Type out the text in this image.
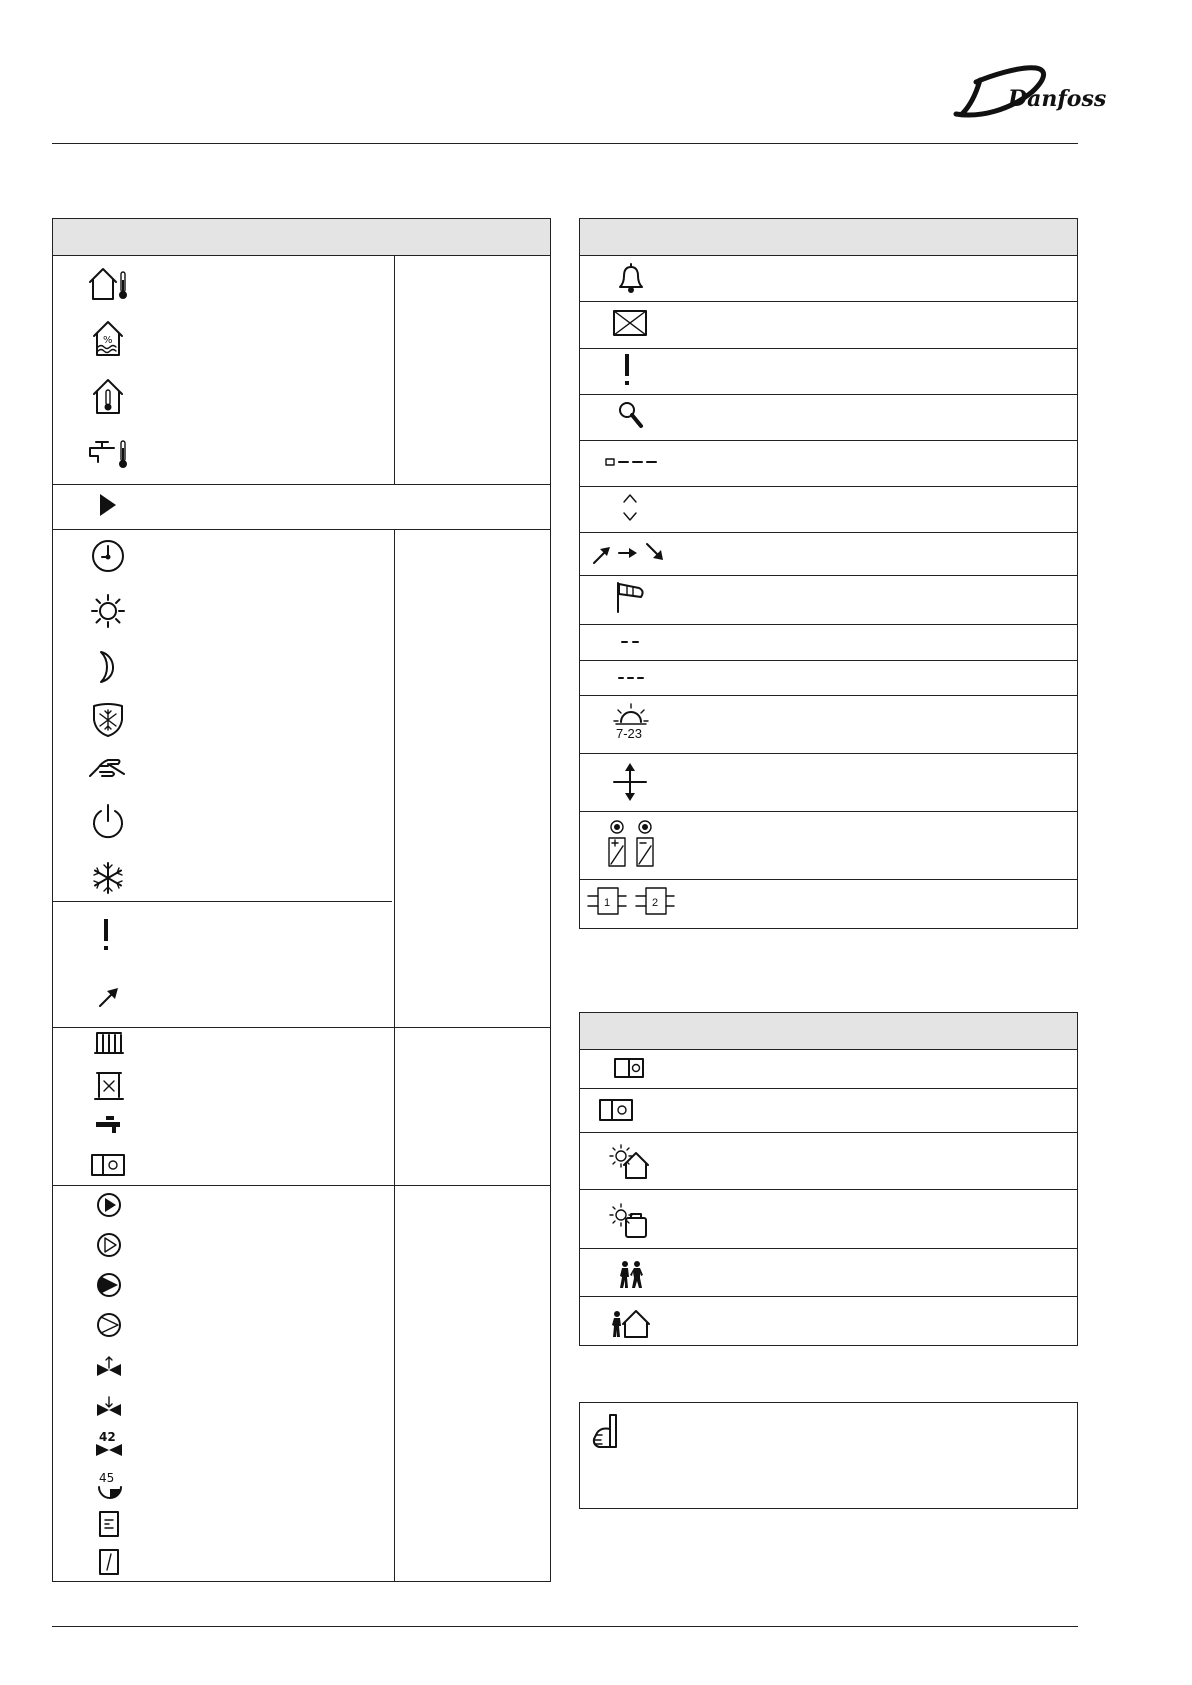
Danfoss
%
42
45
7-23
1	2
